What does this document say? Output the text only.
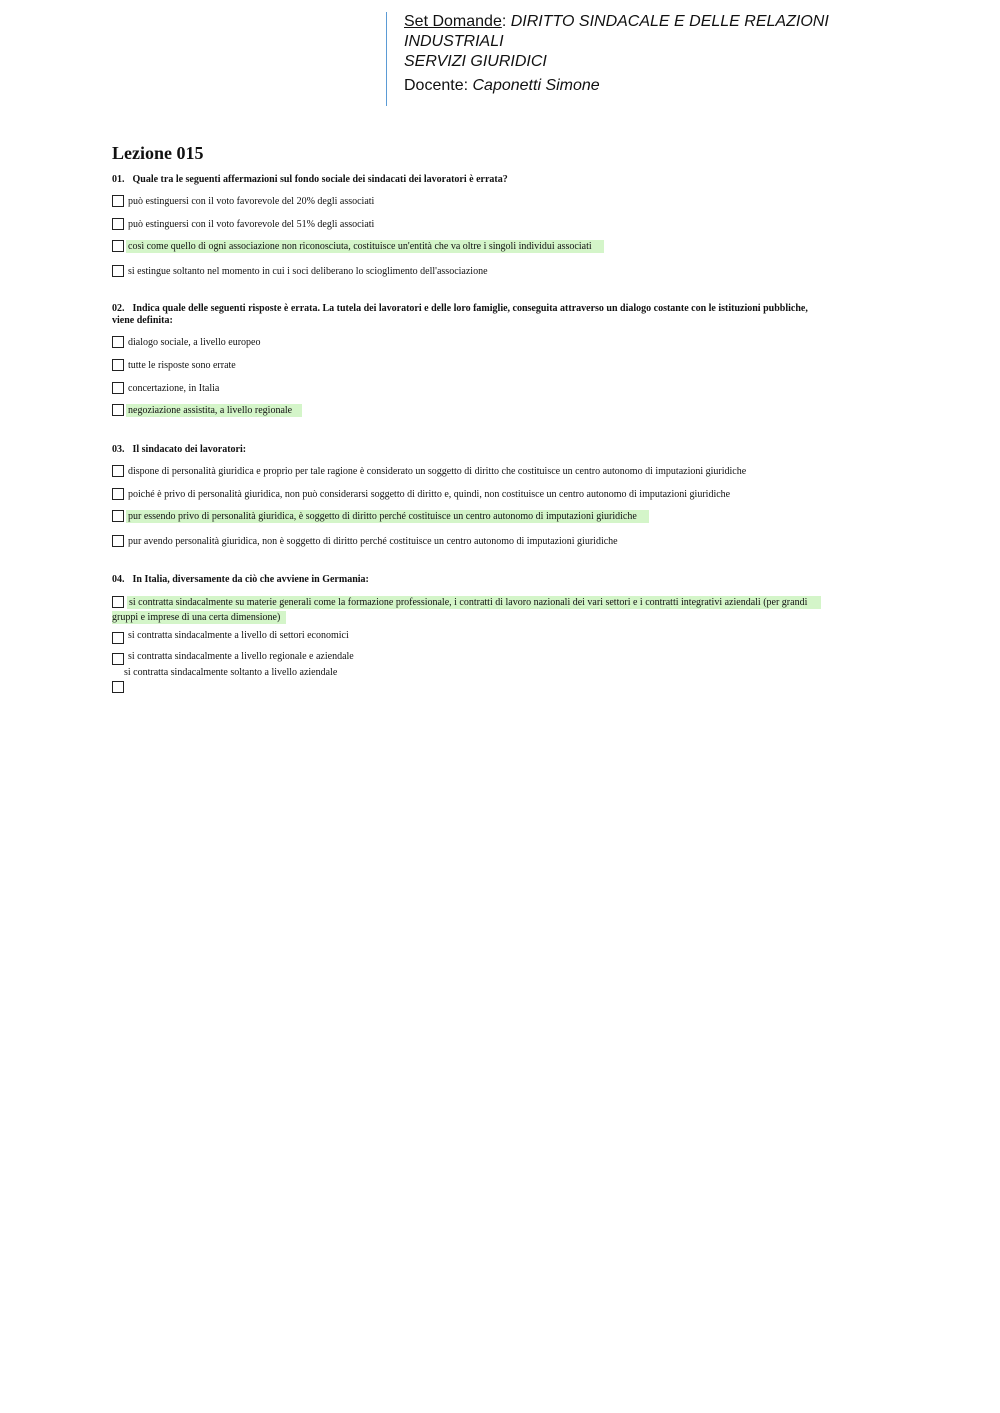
Set Domande: DIRITTO SINDACALE E DELLE RELAZIONI
INDUSTRIALI
SERVIZI GIURIDICI
Docente: Caponetti Simone
Lezione 015
01. Quale tra le seguenti affermazioni sul fondo sociale dei sindacati dei lavoratori è errata?
può estinguersi con il voto favorevole del 20% degli associati
può estinguersi con il voto favorevole del 51% degli associati
così come quello di ogni associazione non riconosciuta, costituisce un'entità che va oltre i singoli individui associati
si estingue soltanto nel momento in cui i soci deliberano lo scioglimento dell'associazione
02. Indica quale delle seguenti risposte è errata. La tutela dei lavoratori e delle loro famiglie, conseguita attraverso un dialogo costante con le istituzioni pubbliche, viene definita:
dialogo sociale, a livello europeo
tutte le risposte sono errate
concertazione, in Italia
negoziazione assistita, a livello regionale
03. Il sindacato dei lavoratori:
dispone di personalità giuridica e proprio per tale ragione è considerato un soggetto di diritto che costituisce un centro autonomo di imputazioni giuridiche
poiché è privo di personalità giuridica, non può considerarsi soggetto di diritto e, quindi, non costituisce un centro autonomo di imputazioni giuridiche
pur essendo privo di personalità giuridica, è soggetto di diritto perché costituisce un centro autonomo di imputazioni giuridiche
pur avendo personalità giuridica, non è soggetto di diritto perché costituisce un centro autonomo di imputazioni giuridiche
04. In Italia, diversamente da ciò che avviene in Germania:
si contratta sindacalmente su materie generali come la formazione professionale, i contratti di lavoro nazionali dei vari settori e i contratti integrativi aziendali (per grandi
gruppi e imprese di una certa dimensione)
si contratta sindacalmente a livello di settori economici
si contratta sindacalmente a livello regionale e aziendale
si contratta sindacalmente soltanto a livello aziendale
